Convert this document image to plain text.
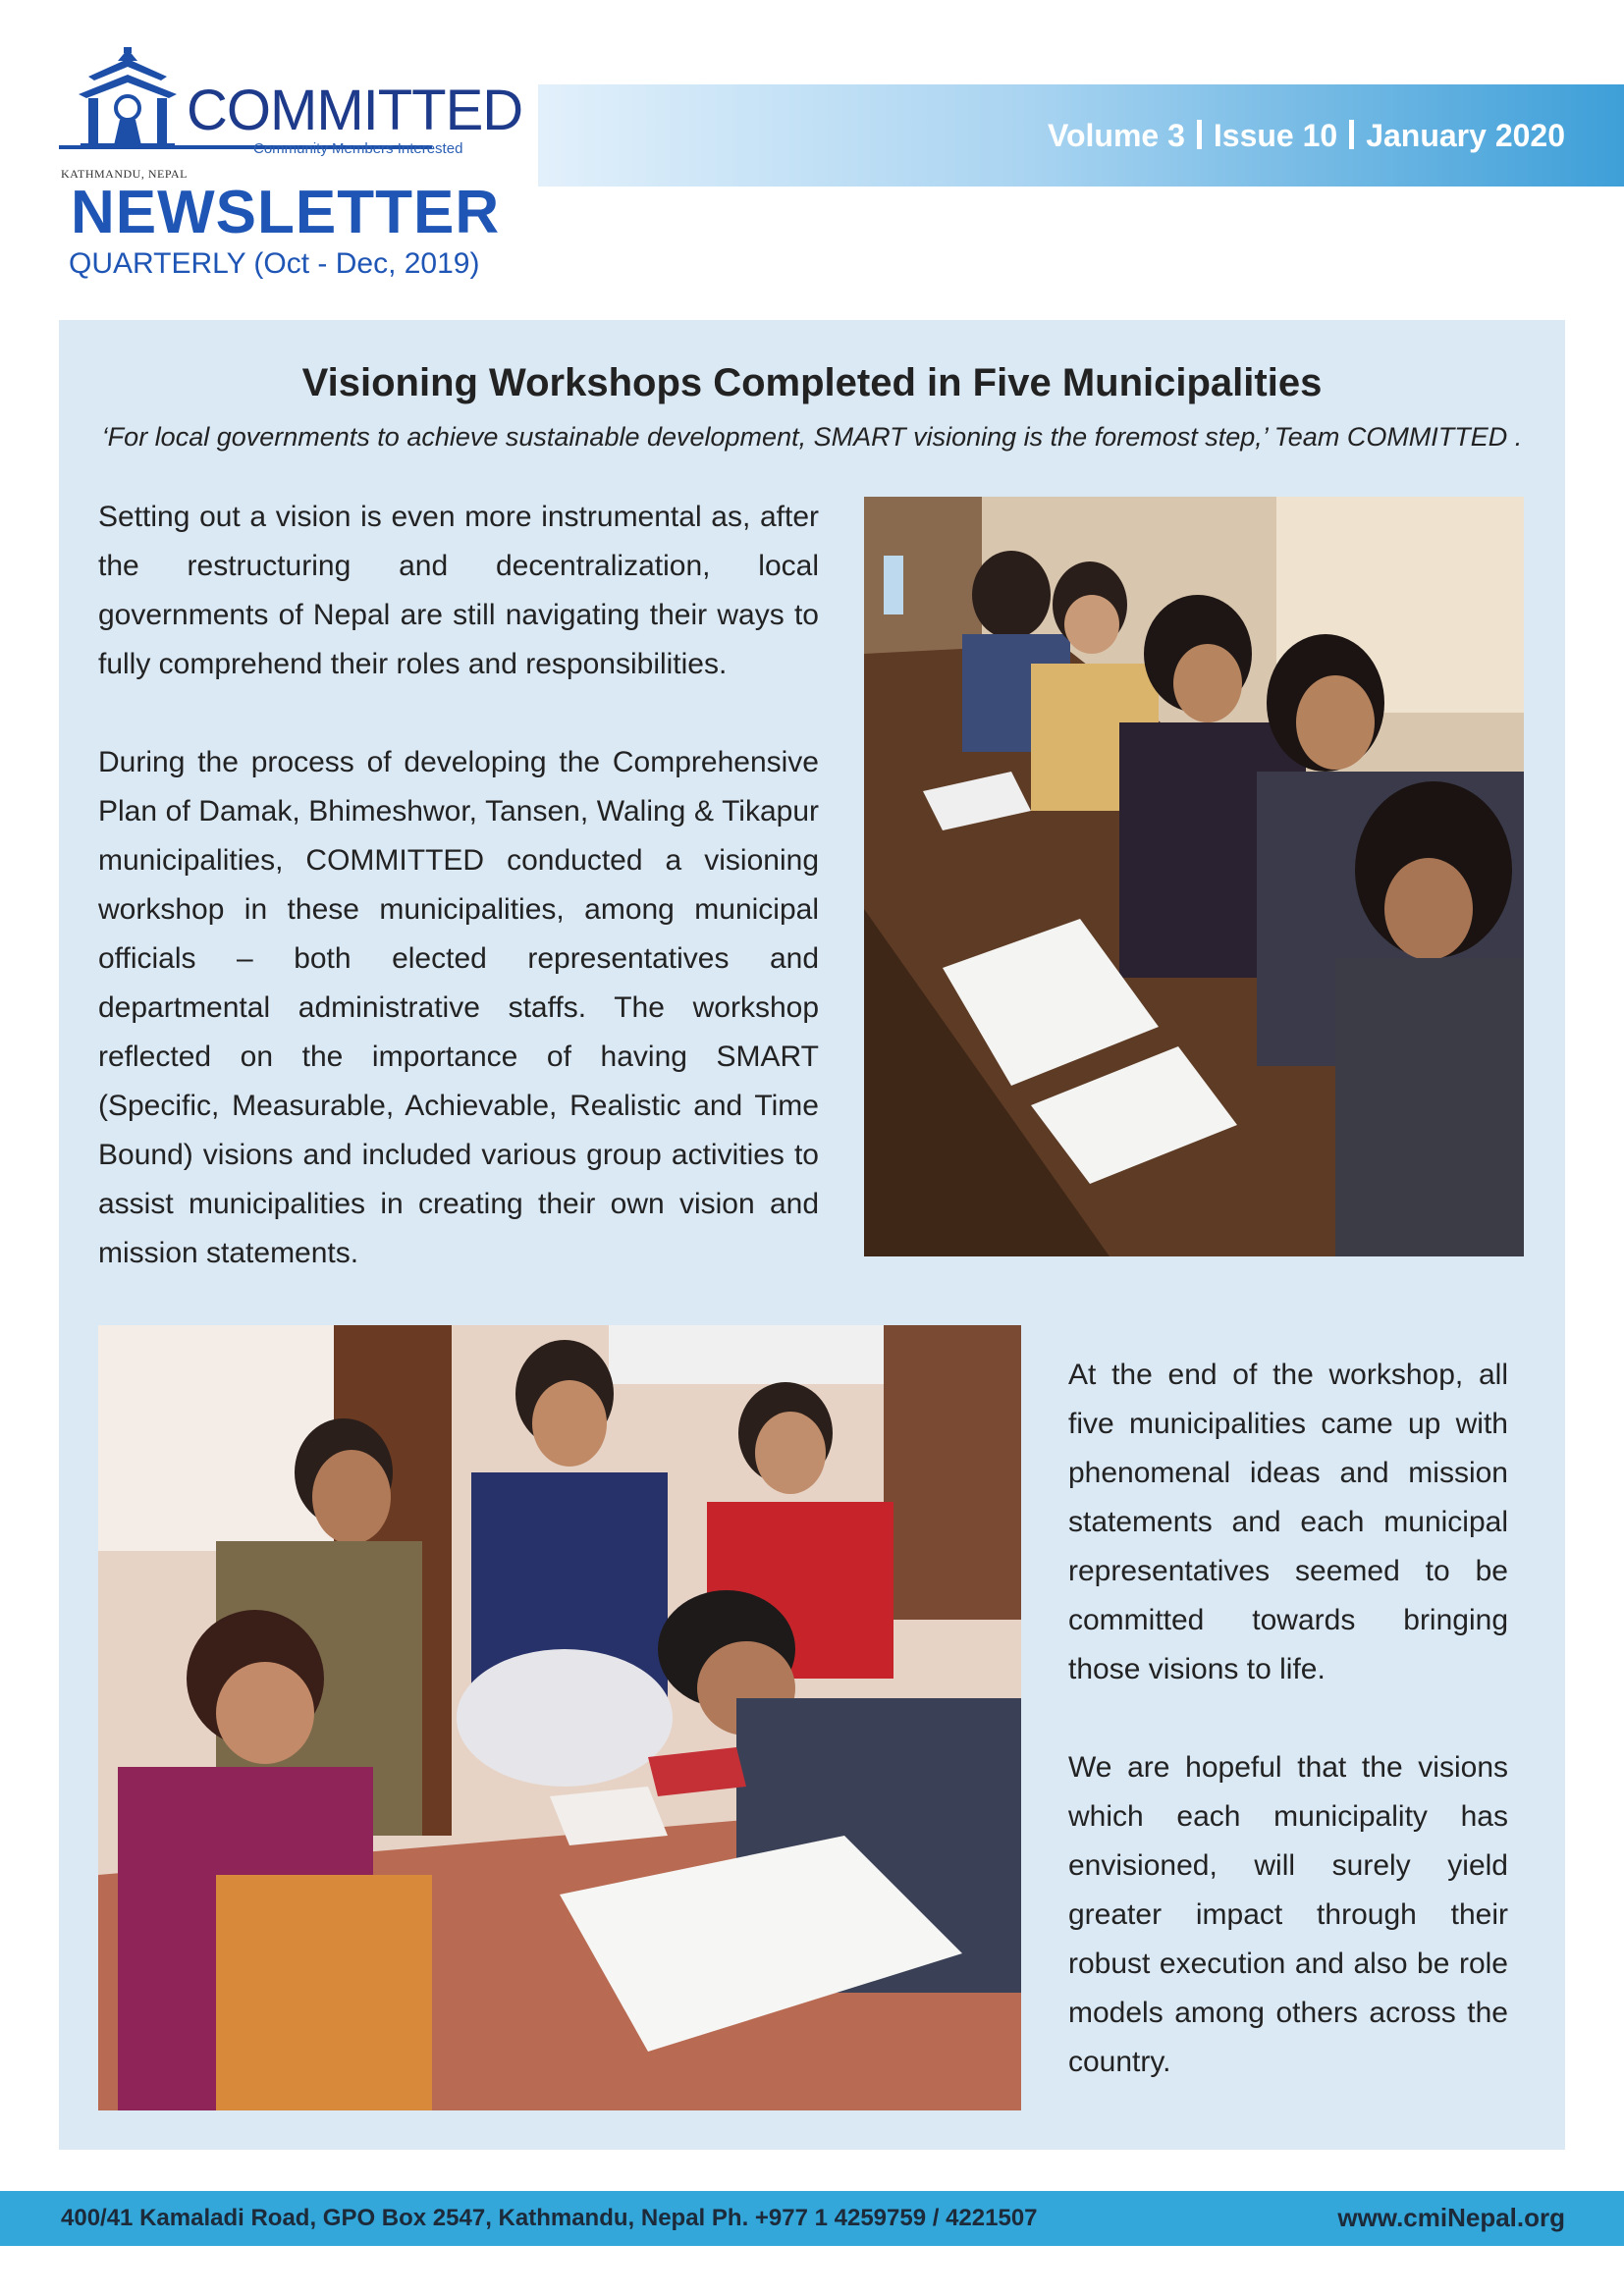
COMMITTED
Community Members Interested
KATHMANDU, NEPAL
NEWSLETTER
QUARTERLY (Oct - Dec, 2019)
Volume 3 Issue 10 January 2020
Visioning Workshops Completed in Five Municipalities
‘For local governments to achieve sustainable development, SMART visioning is the foremost step,’ Team COMMITTED .

Setting out a vision is even more instrumental as, after the restructuring and decentralization, local governments of Nepal are still navigating their ways to fully comprehend their roles and responsibilities.

During the process of developing the Comprehensive Plan of Damak, Bhimeshwor, Tansen, Waling & Tikapur municipalities, COMMITTED conducted a visioning workshop in these municipalities, among municipal officials – both elected representatives and departmental administrative staffs. The workshop reflected on the importance of having SMART (Specific, Measurable, Achievable, Realistic and Time Bound) visions and included various group activities to assist municipalities in creating their own vision and mission statements.

At the end of the workshop, all five municipalities came up with phenomenal ideas and mission statements and each municipal representatives seemed to be committed towards bringing those visions to life.

We are hopeful that the visions which each municipality has envisioned, will surely yield greater impact through their robust execution and also be role models among others across the country.

400/41 Kamaladi Road, GPO Box 2547, Kathmandu, Nepal Ph. +977 1 4259759 / 4221507	www.cmiNepal.org
